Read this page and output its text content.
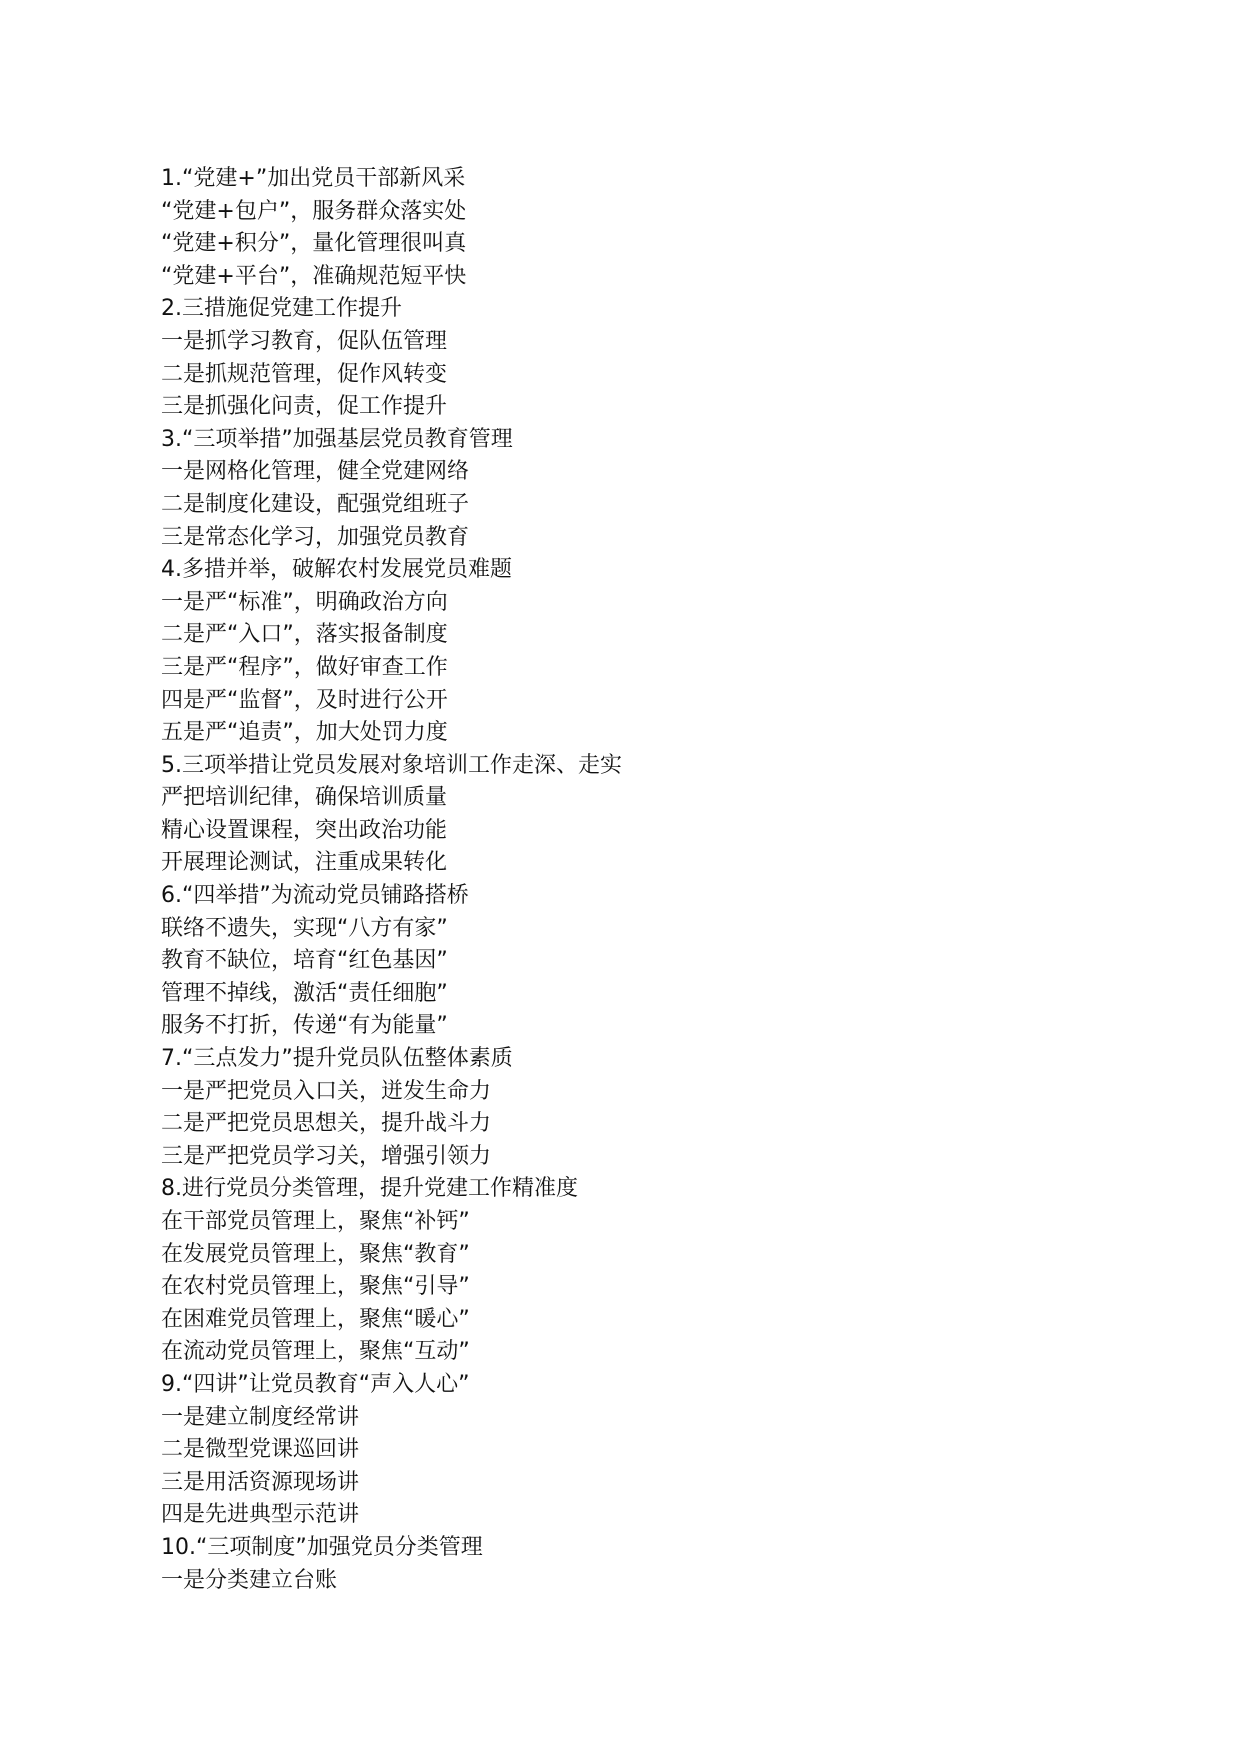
1.“党建+”加出党员干部新风采
“党建+包户”，服务群众落实处
“党建+积分”，量化管理很叫真
“党建+平台”，准确规范短平快
2.三措施促党建工作提升
一是抓学习教育，促队伍管理
二是抓规范管理，促作风转变
三是抓强化问责，促工作提升
3.“三项举措”加强基层党员教育管理
一是网格化管理，健全党建网络
二是制度化建设，配强党组班子
三是常态化学习，加强党员教育
4.多措并举，破解农村发展党员难题
一是严“标准”，明确政治方向
二是严“入口”，落实报备制度
三是严“程序”，做好审查工作
四是严“监督”，及时进行公开
五是严“追责”，加大处罚力度
5.三项举措让党员发展对象培训工作走深、走实
严把培训纪律，确保培训质量
精心设置课程，突出政治功能
开展理论测试，注重成果转化
6.“四举措”为流动党员铺路搭桥
联络不遗失，实现“八方有家”
教育不缺位，培育“红色基因”
管理不掉线，激活“责任细胞”
服务不打折，传递“有为能量”
7.“三点发力”提升党员队伍整体素质
一是严把党员入口关，迸发生命力
二是严把党员思想关，提升战斗力
三是严把党员学习关，增强引领力
8.进行党员分类管理，提升党建工作精准度
在干部党员管理上，聚焦“补钙”
在发展党员管理上，聚焦“教育”
在农村党员管理上，聚焦“引导”
在困难党员管理上，聚焦“暖心”
在流动党员管理上，聚焦“互动”
9.“四讲”让党员教育“声入人心”
一是建立制度经常讲
二是微型党课巡回讲
三是用活资源现场讲
四是先进典型示范讲
10.“三项制度”加强党员分类管理
一是分类建立台账
